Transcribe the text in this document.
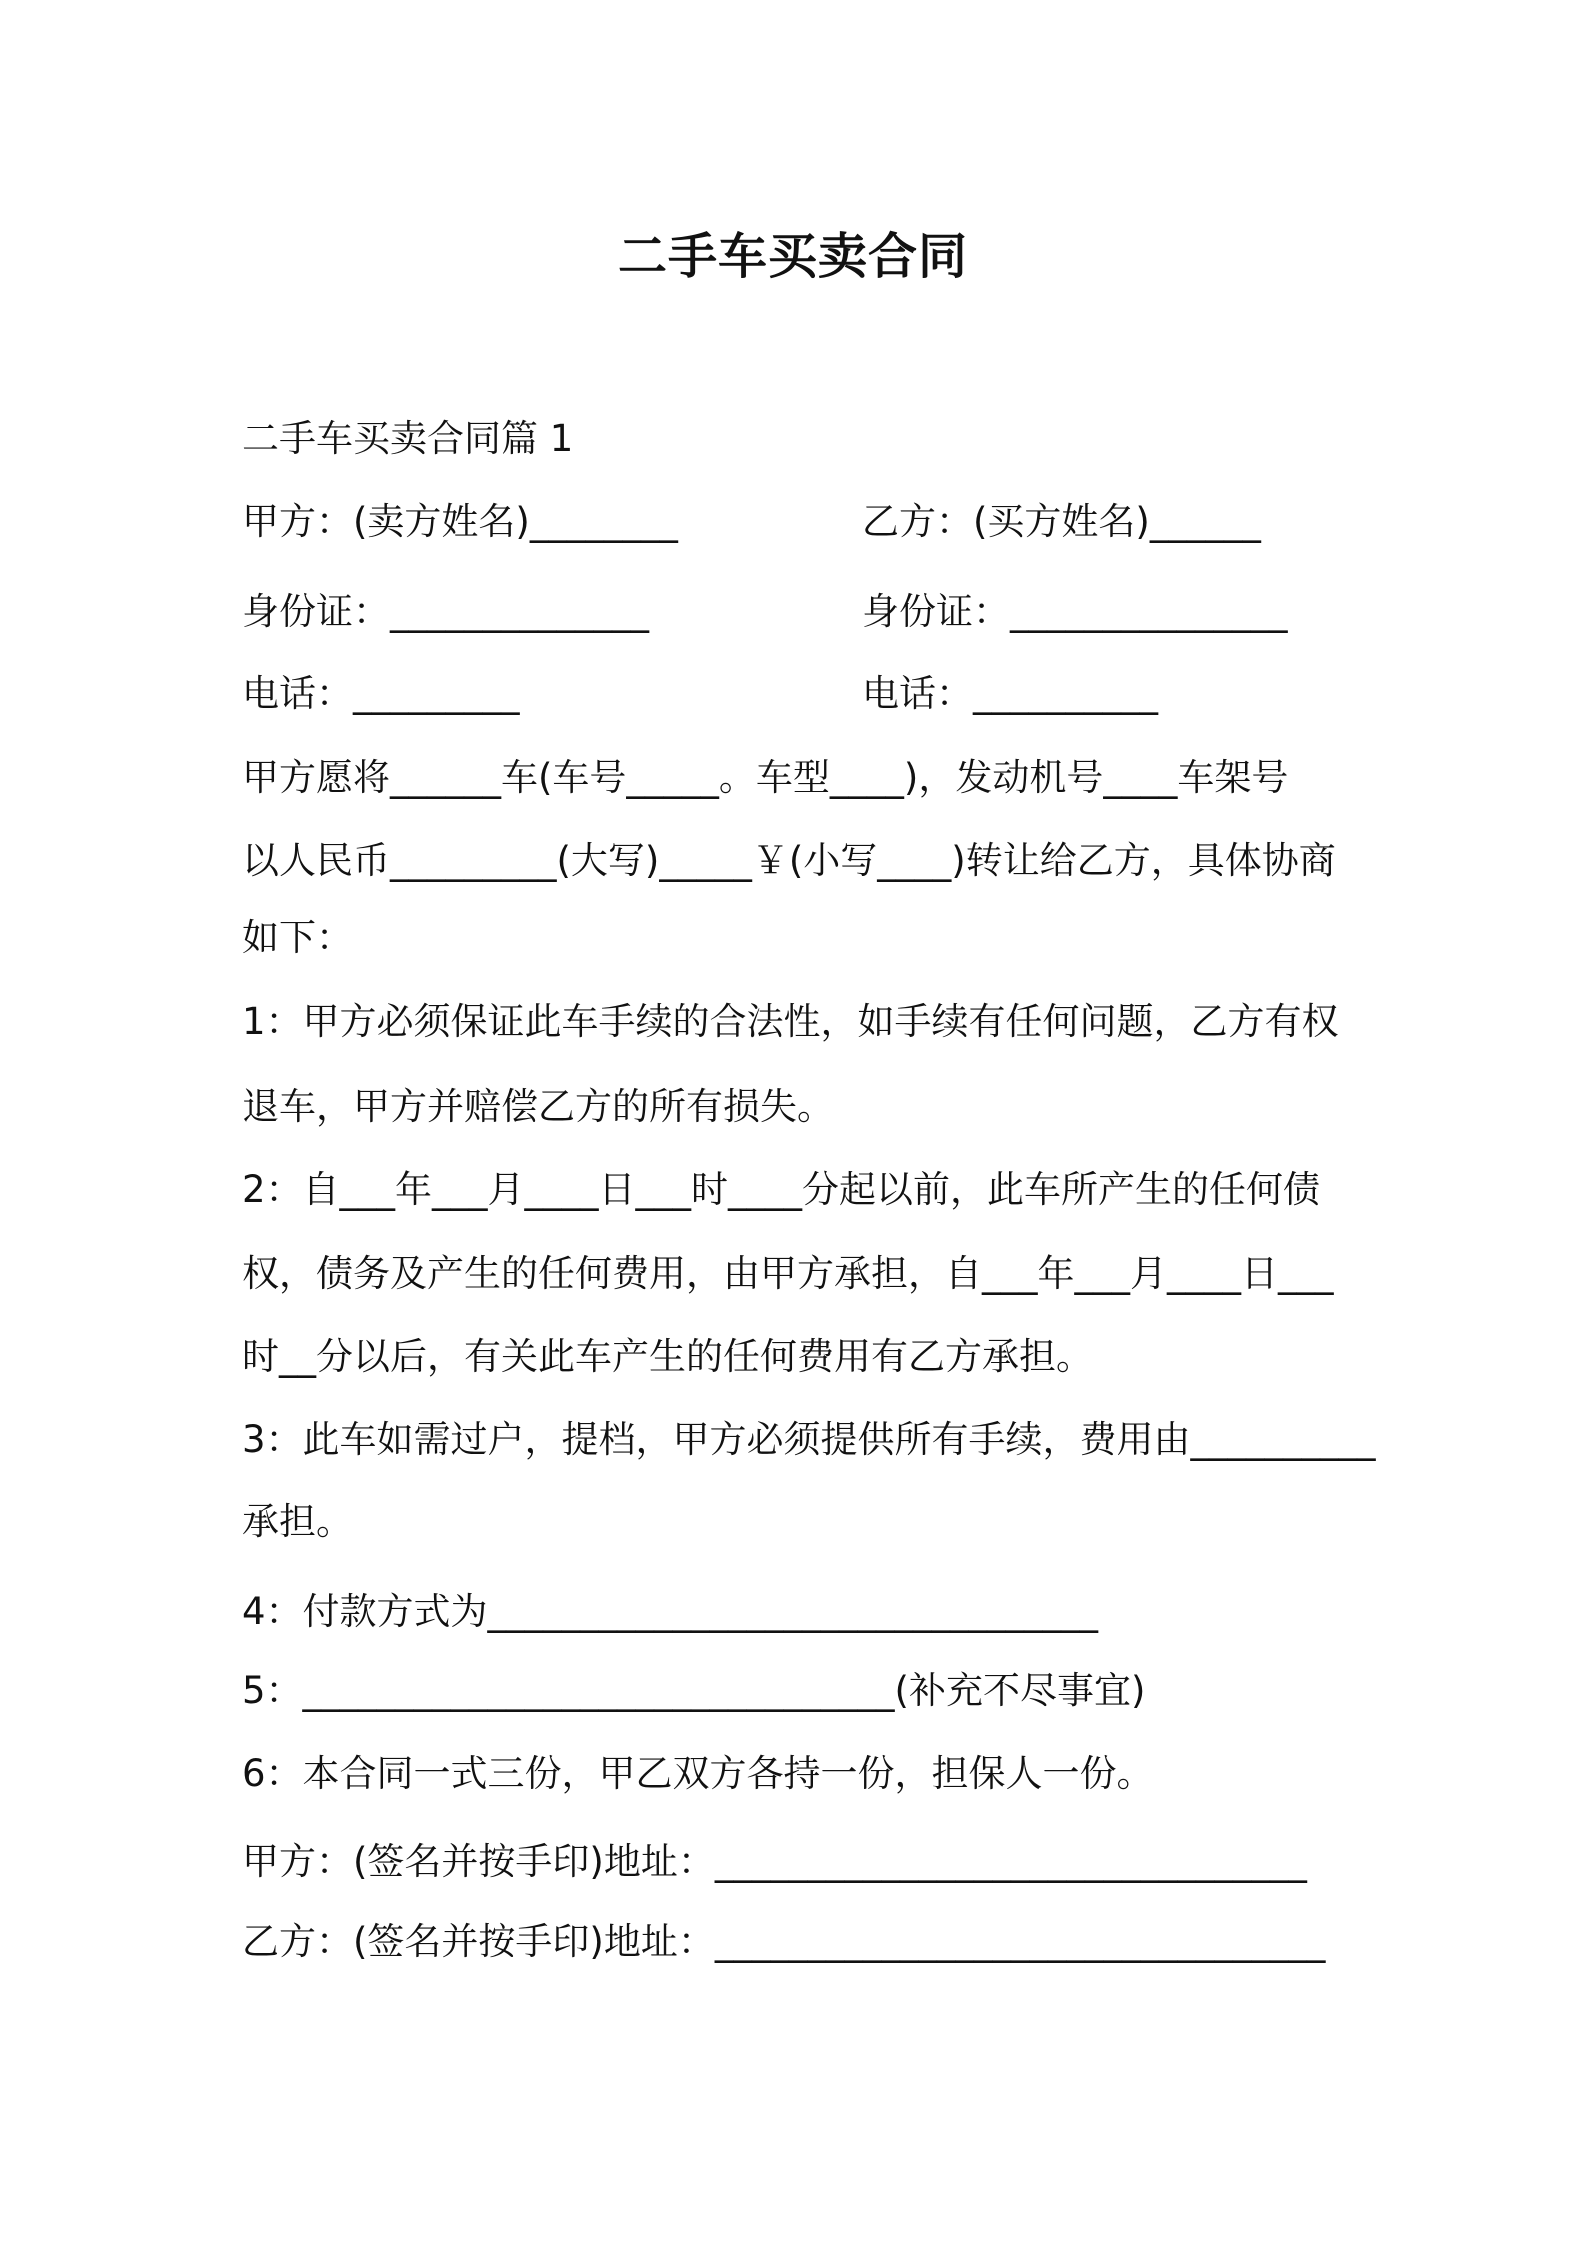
二手车买卖合同
二手车买卖合同篇 1
甲方：(卖方姓名)________	乙方：(买方姓名)______
身份证：______________	身份证：_______________
电话：_________	电话：__________
甲方愿将______车(车号_____。车型____)，发动机号____车架号
以人民币_________(大写)_____￥(小写____)转让给乙方，具体协商
如下：
1：甲方必须保证此车手续的合法性，如手续有任何问题，乙方有权
退车，甲方并赔偿乙方的所有损失。
2：自___年___月____日___时____分起以前，此车所产生的任何债
权，债务及产生的任何费用，由甲方承担，自___年___月____日___
时__分以后，有关此车产生的任何费用有乙方承担。
3：此车如需过户，提档，甲方必须提供所有手续，费用由__________
承担。
4：付款方式为_________________________________
5：________________________________(补充不尽事宜)
6：本合同一式三份，甲乙双方各持一份，担保人一份。
甲方：(签名并按手印)地址：________________________________
乙方：(签名并按手印)地址：_________________________________
